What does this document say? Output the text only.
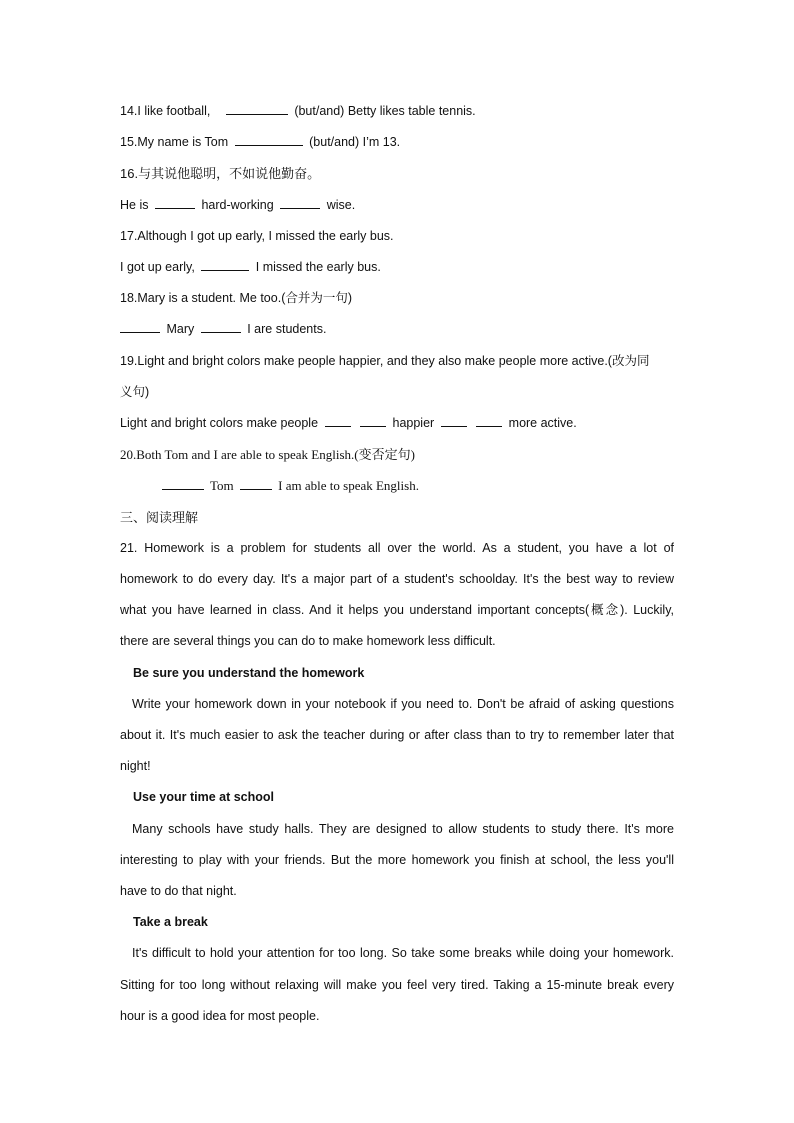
14.I like football,	(but/and) Betty likes table tennis.
15.My name is Tom	(but/and) I’m 13.
16.与其说他聪明，不如说他勤奋。
He is	hard-working	wise.
17.Although I got up early, I missed the early bus.
I got up early,	I missed the early bus.
18.Mary is a student. Me too.(合并为一句)
Mary	I are students.
19.Light and bright colors make people happier, and they also make people more active.(改为同
义句)
Light and bright colors make people	happier	more active.
20.Both Tom and I are able to speak English.(变否定句)
Tom	I am able to speak English.
三、阅读理解
21. Homework is a problem for students all over the world. As a student, you have a lot of homework to do every day. It's a major part of a student's schoolday. It's the best way to review what you have learned in class. And it helps you understand important concepts(概念). Luckily, there are several things you can do to make homework less difficult.
Be sure you understand the homework
Write your homework down in your notebook if you need to. Don't be afraid of asking questions about it. It's much easier to ask the teacher during or after class than to try to remember later that night!
Use your time at school
Many schools have study halls. They are designed to allow students to study there. It's more interesting to play with your friends. But the more homework you finish at school, the less you'll have to do that night.
Take a break
It's difficult to hold your attention for too long. So take some breaks while doing your homework. Sitting for too long without relaxing will make you feel very tired. Taking a 15-minute break every hour is a good idea for most people.
